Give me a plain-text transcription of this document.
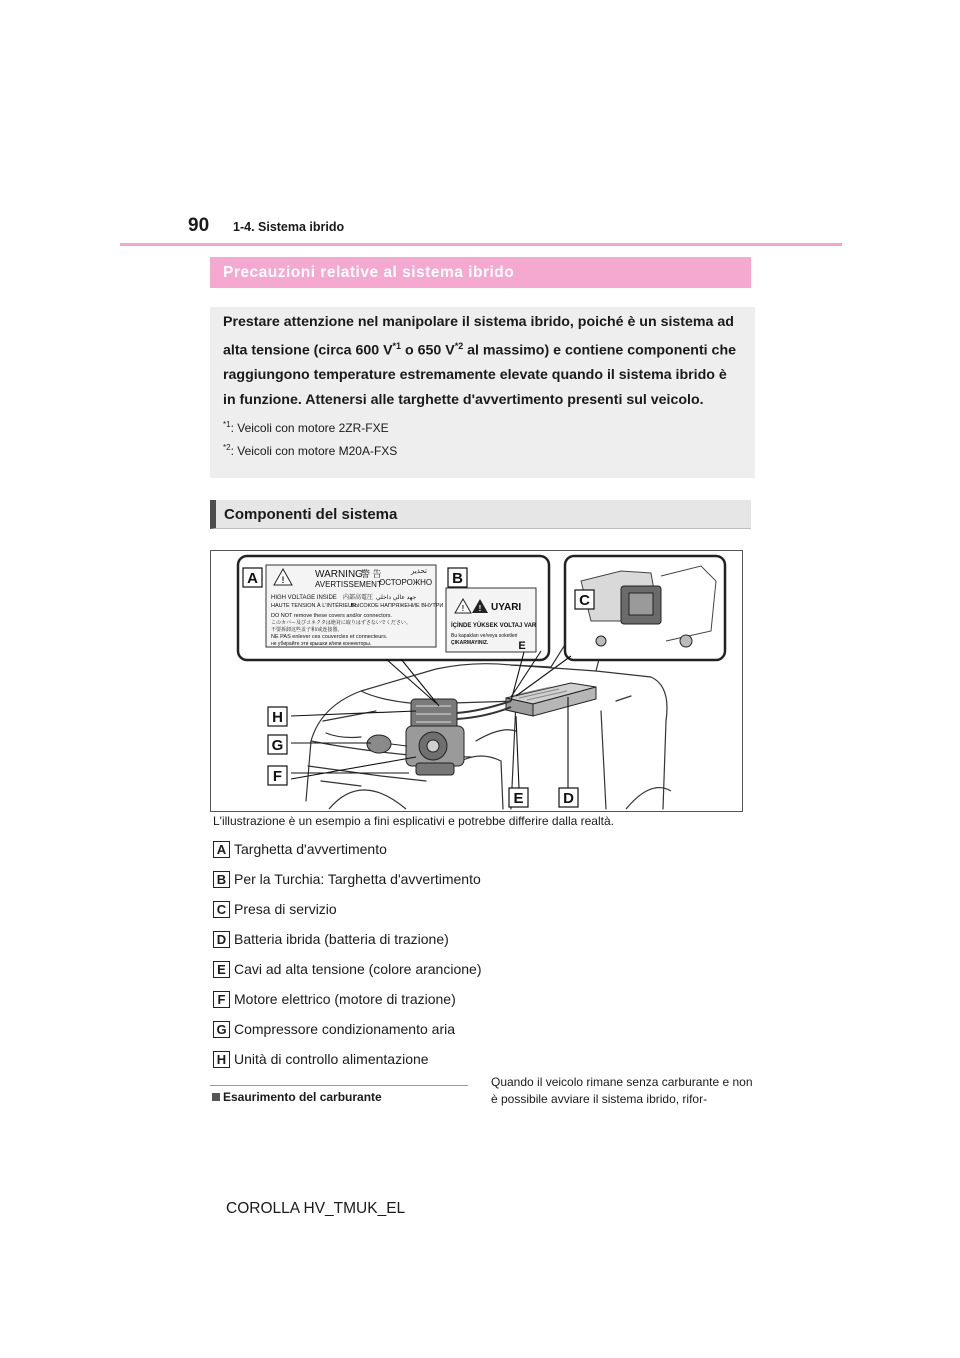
90 1-4. Sistema ibrido
Precauzioni relative al sistema ibrido

Prestare attenzione nel manipolare il sistema ibrido, poiché è un sistema ad alta tensione (circa 600 $V^{*1}$ o 650 $V^{*2}$ al massimo) e contiene componenti che raggiungono temperature estremamente elevate quando il sistema ibrido è in funzione. Attenersi alle targhette d'avvertimento presenti sul veicolo.

$^{*1}$: Veicoli con motore 2ZR-FXE
$^{*2}$: Veicoli con motore M20A-FXS
Componenti del sistema
!	WARNING
警 告
ОСТОРОЖНО
AVERTISSEMENT
تحذير
HIGH VOLTAGE INSIDE 内部高電圧 جهد عالي داخلي
HAUTE TENSION À L'INTÉRIEUR
ВЫСОКОЕ НАПРЯЖЕНИЕ ВНУТРИ
DO NOT remove these covers and/or connectors.
このカバー及びコネクタは絶対に取りはずさないでください。
不要拆卸这些盖子和/或连接器。
NE PAS enlever ces couvercles et connecteurs.
не убирайте эти крышки и/или коннекторы.
! ! UYARI
İÇİNDE YÜKSEK VOLTAJ VAR
Bu kapakları ve/veya soketleri
ÇIKARMAYINIZ.
A	B
C
D
E
E
F
G
H
L'illustrazione è un esempio a fini esplicativi e potrebbe differire dalla realtà.
A Targhetta d'avvertimento
B Per la Turchia: Targhetta d'avvertimento
C Presa di servizio
D Batteria ibrida (batteria di trazione)
E Cavi ad alta tensione (colore arancione)
F Motore elettrico (motore di trazione)
G Compressore condizionamento aria
H Unità di controllo alimentazione
Esaurimento del carburante
Quando il veicolo rimane senza carburante e non è possibile avviare il sistema ibrido, rifor-
COROLLA HV_TMUK_EL
